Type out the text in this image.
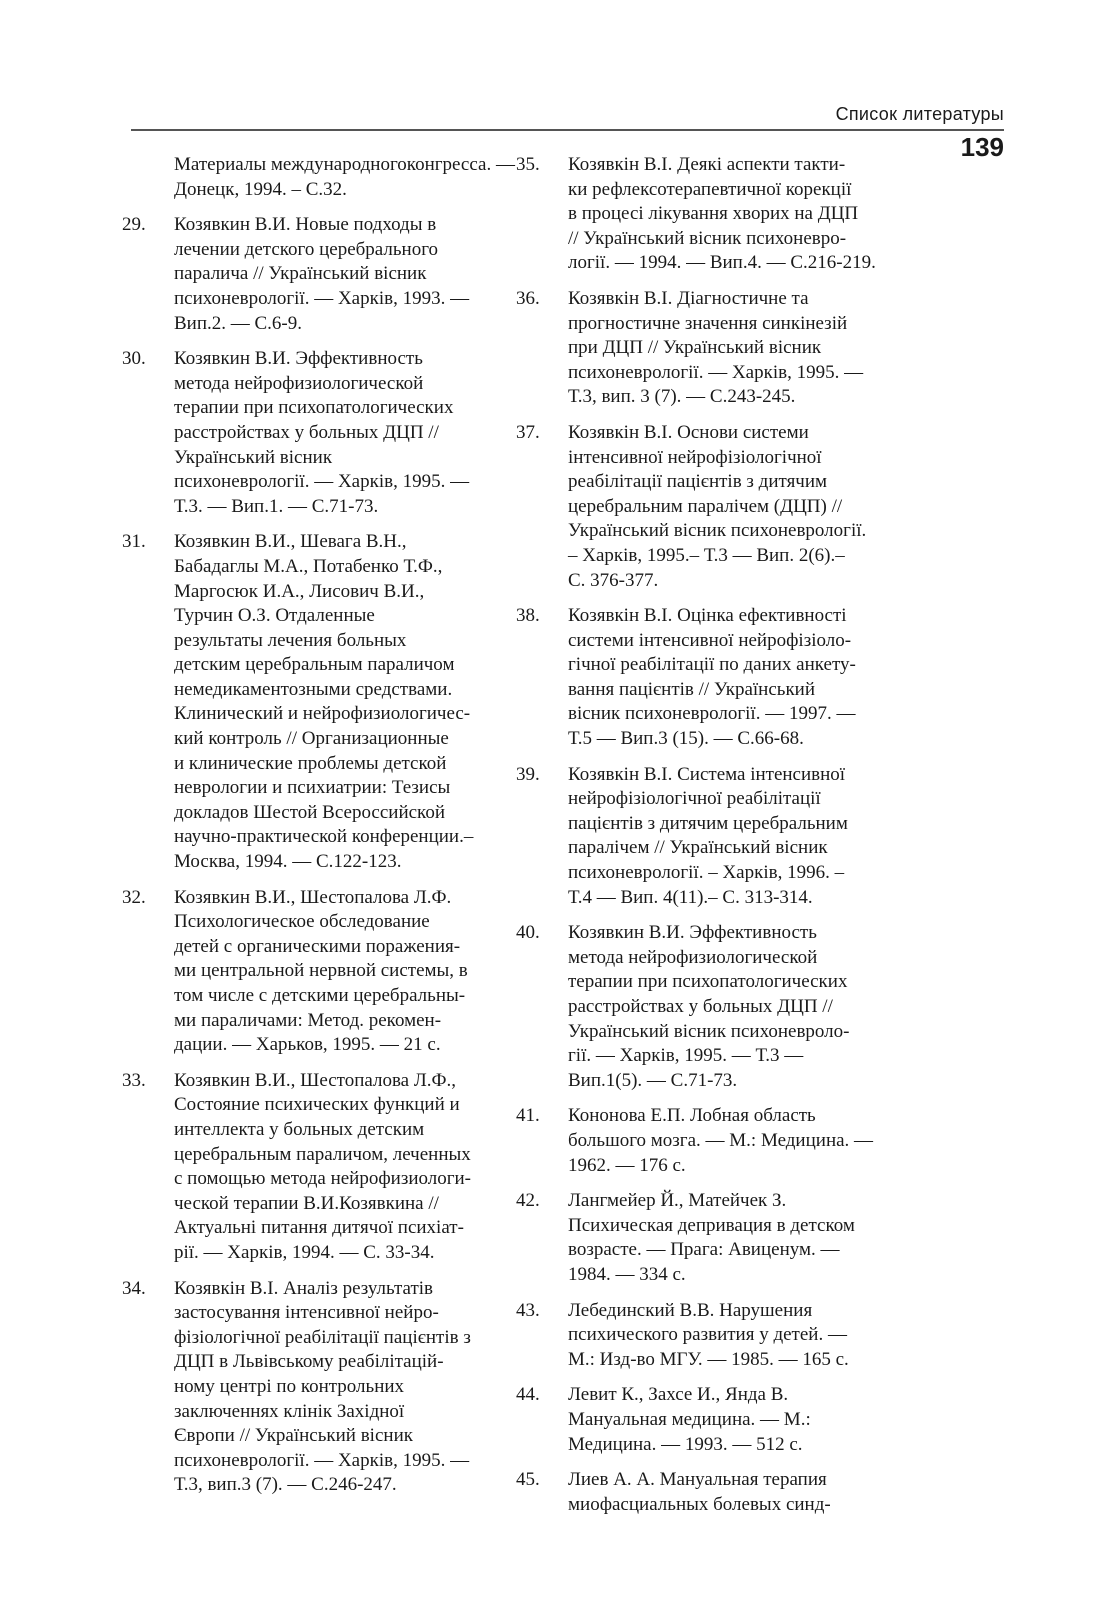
Список литературы
139
Материалы международногоконгресса. — Донецк, 1994. – С.32.
29.	Козявкин В.И. Новые подходы в
лечении детского церебрального
паралича // Український вісник
психоневрології. — Харків, 1993. —
Вип.2. — С.6-9.
30.	Козявкин В.И. Эффективность
метода нейрофизиологической
терапии при психопатологических
расстройствах у больных ДЦП //
Український вісник
психоневрології. — Харків, 1995. —
Т.3. — Вип.1. — С.71-73.
31.	Козявкин В.И., Шевага В.Н.,
Бабадаглы М.А., Потабенко Т.Ф.,
Маргосюк И.А., Лисович В.И.,
Турчин О.З. Отдаленные
результаты лечения больных
детским церебральным параличом
немедикаментозными средствами.
Клинический и нейрофизиологичес-
кий контроль // Организационные
и клинические проблемы детской
неврологии и психиатрии: Тезисы
докладов Шестой Всероссийской
научно-практической конференции.–
Москва, 1994. — С.122-123.
32.	Козявкин В.И., Шестопалова Л.Ф.
Психологическое обследование
детей с органическими поражения-
ми центральной нервной системы, в
том числе с детскими церебральны-
ми параличами: Метод. рекомен-
дации. — Харьков, 1995. — 21 с.
33.	Козявкин В.И., Шестопалова Л.Ф.,
Состояние психических функций и
интеллекта у больных детским
церебральным параличом, леченных
с помощью метода нейрофизиологи-
ческой терапии В.И.Козявкина //
Актуальні питання дитячої психіат-
рії. — Харків, 1994. — С. 33-34.
34.	Козявкін В.І. Аналіз результатів
застосування інтенсивної нейро-
фізіологічної реабілітації пацієнтів з
ДЦП в Львівському реабілітацій-
ному центрі по контрольних
заключеннях клінік Західної
Європи // Український вісник
психоневрології. — Харків, 1995. —
Т.3, вип.3 (7). — С.246-247.
35.	Козявкін В.І. Деякі аспекти такти-
ки рефлексотерапевтичної корекції
в процесі лікування хворих на ДЦП
// Український вісник психоневро-
логії. — 1994. — Вип.4. — С.216-219.
36.	Козявкін В.І. Діагностичне та
прогностичне значення синкінезій
при ДЦП // Український вісник
психоневрології. — Харків, 1995. —
Т.3, вип. 3 (7). — С.243-245.
37.	Козявкін В.І. Основи системи
інтенсивної нейрофізіологічної
реабілітації пацієнтів з дитячим
церебральним паралічем (ДЦП) //
Український вісник психоневрології.
– Харків, 1995.– Т.3 — Вип. 2(6).–
С. 376-377.
38.	Козявкін В.І. Оцінка ефективності
системи інтенсивної нейрофізіоло-
гічної реабілітації по даних анкету-
вання пацієнтів // Український
вісник психоневрології. — 1997. —
Т.5 — Вип.3 (15). — С.66-68.
39.	Козявкін В.І. Система інтенсивної
нейрофізіологічної реабілітації
пацієнтів з дитячим церебральним
паралічем // Український вісник
психоневрології. – Харків, 1996. –
Т.4 — Вип. 4(11).– С. 313-314.
40.	Козявкин В.И. Эффективность
метода нейрофизиологической
терапии при психопатологических
расстройствах у больных ДЦП //
Український вісник психоневроло-
гії. — Харків, 1995. — Т.3 —
Вип.1(5). — С.71-73.
41.	Кононова Е.П. Лобная область
большого мозга. — М.: Медицина. —
1962. — 176 с.
42.	Лангмейер Й., Матейчек З.
Психическая депривация в детском
возрасте. — Прага: Авиценум. —
1984. — 334 с.
43.	Лебединский В.В. Нарушения
психического развития у детей. —
М.: Изд-во МГУ. — 1985. — 165 с.
44.	Левит К., Захсе И., Янда В.
Мануальная медицина. — М.:
Медицина. — 1993. — 512 с.
45.	Лиев А. А. Мануальная терапия
миофасциальных болевых синд-
